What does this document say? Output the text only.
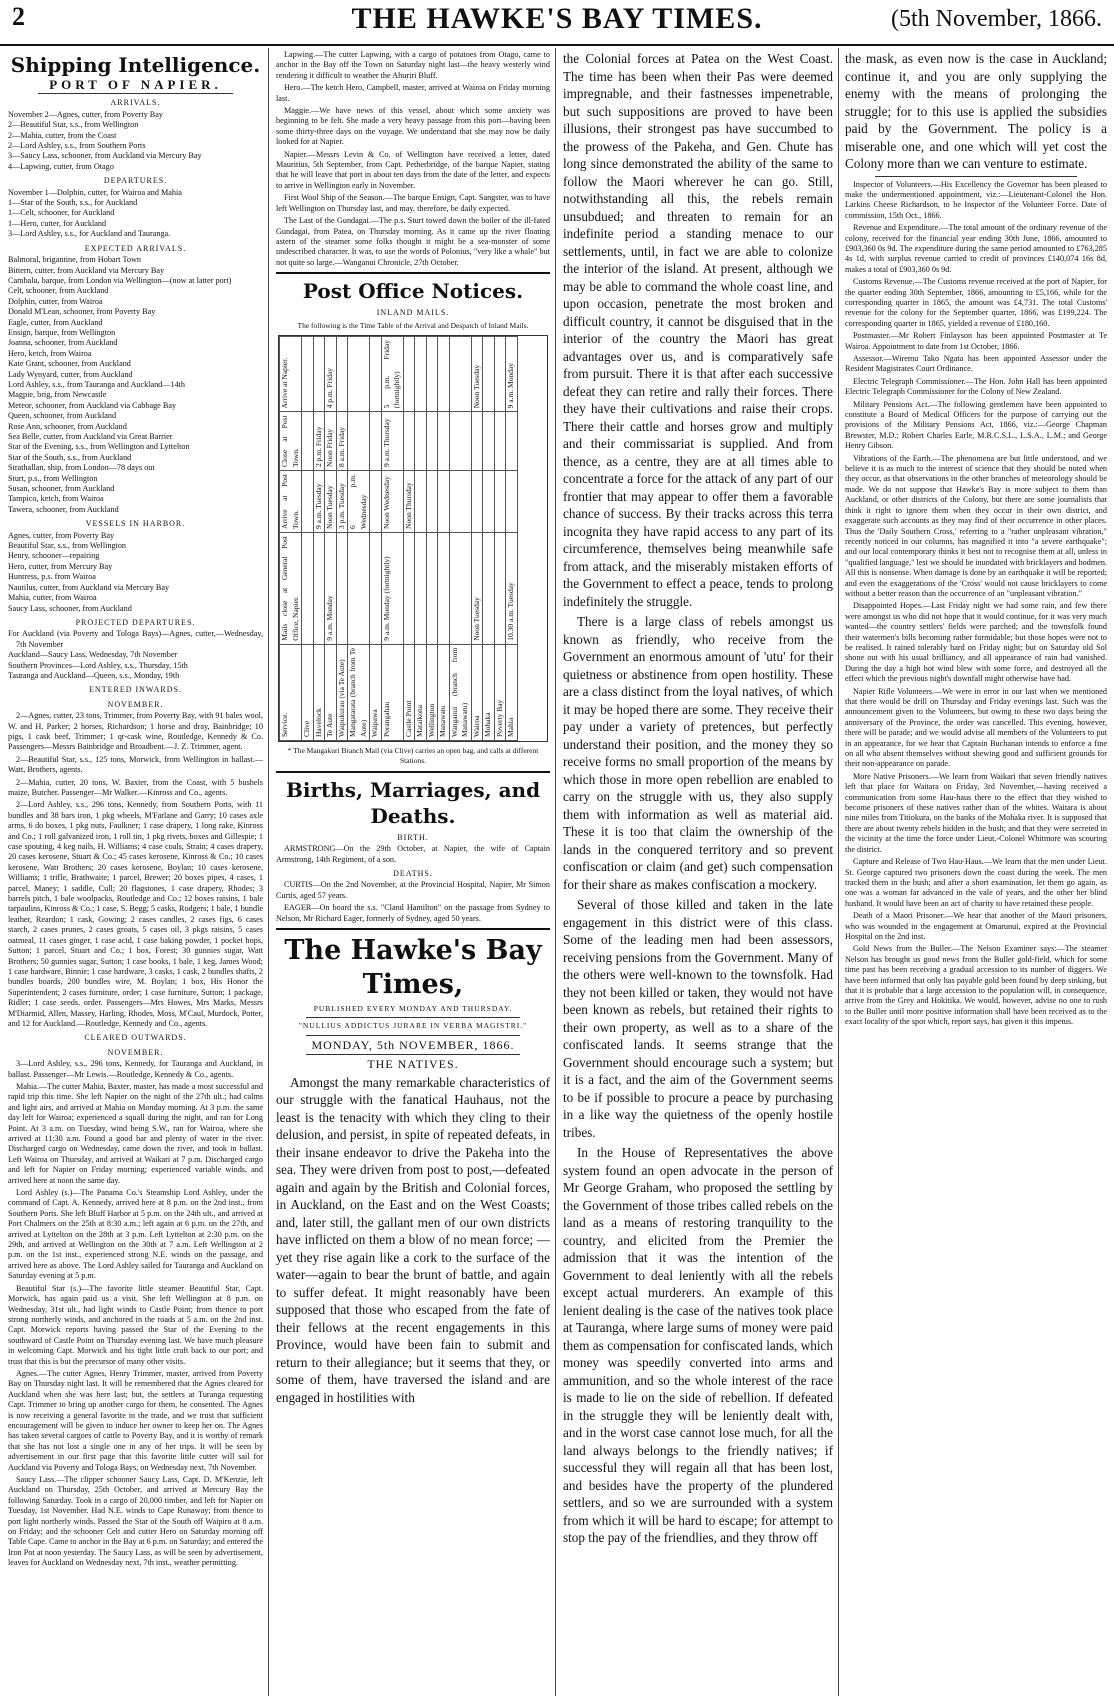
2	THE HAWKE'S BAY TIMES.	(5th November, 1866.
Shipping Intelligence.
PORT OF NAPIER.
ARRIVALS.
November 2—Agnes, cutter, from Poverty Bay
2—Beautiful Star, s.s., from Wellington
2—Mahia, cutter, from the Coast
2—Lord Ashley, s.s., from Southern Ports
3—Saucy Lass, schooner, from Auckland via Mercury Bay
4—Lapwing, cutter, from Otago
DEPARTURES.
November 1—Dolphin, cutter, for Wairoa and Mahia
1—Star of the South, s.s., for Auckland
1—Celt, schooner, for Auckland
1—Hero, cutter, for Auckland
3—Lord Ashley, s.s., for Auckland and Tauranga.
EXPECTED ARRIVALS.
Balmoral, brigantine, from Hobart Town
Bittern, cutter, from Auckland via Mercury Bay
Cambalu, barque, from London via Wellington—(now at latter port)
Celt, schooner, from Auckland
Dolphin, cutter, from Wairoa
Donald M'Lean, schooner, from Poverty Bay
Eagle, cutter, from Auckland
Ensign, barque, from Wellington
Joanna, schooner, from Auckland
Hero, ketch, from Wairoa
Kate Grant, schooner, from Auckland
Lady Wynyard, cutter, from Auckland
Lord Ashley, s.s., from Tauranga and Auckland—14th
Magpie, brig, from Newcastle
Meteor, schooner, from Auckland via Cabbage Bay
Queen, schooner, from Auckland
Rose Ann, schooner, from Auckland
Sea Belle, cutter, from Auckland via Great Barrier
Star of the Evening, s.s., from Wellington and Lyttelton
Star of the South, s.s., from Auckland
Strathallan, ship, from London—78 days out
Sturt, p.s., from Wellington
Susan, schooner, from Auckland
Tampico, ketch, from Wairoa
Tawera, schooner, from Auckland
VESSELS IN HARBOR.
Agnes, cutter, from Poverty Bay
Beautiful Star, s.s., from Wellington
Henry, schooner—repairing
Hero, cutter, from Mercury Bay
Huntress, p.s. from Wairoa
Nautilus, cutter, from Auckland via Mercury Bay
Mahia, cutter, from Wairoa
Saucy Lass, schooner, from Auckland
PROJECTED DEPARTURES.
For Auckland (via Poverty and Tologa Bays)—Agnes, cutter,—Wednesday, 7th November
Auckland—Saucy Lass, Wednesday, 7th November
Southern Provinces—Lord Ashley, s.s., Thursday, 15th
Tauranga and Auckland—Queen, s.s., Monday, 19th
ENTERED INWARDS.
NOVEMBER.

2—Agnes, cutter, 23 tons, Trimmer, from Poverty Bay, with 91 bales wool, W. and H. Parker; 2 horses, Richardson; 1 horse and dray, Bainbridge; 10 pigs, 1 cask beef, Trimmer; 1 qr-cask wine, Routledge, Kennedy & Co. Passengers—Messrs Bainbridge and Broadbent.—J. Z. Trimmer, agent.

2—Beautiful Star, s.s., 125 tons, Morwick, from Wellington in ballast.—Watt, Brothers, agents.

2—Mahia, cutter, 20 tons, W. Baxter, from the Coast, with 5 bushels maize, Butcher. Passenger—Mr Walker.—Kinross and Co., agents.

2—Lord Ashley, s.s., 296 tons, Kennedy, from Southern Ports, with 11 bundles and 38 bars iron, 1 pkg wheels, M'Farlane and Garry; 10 cases axle arms, 6 do boxes, 1 pkg nuts, Faulkner; 1 case drapery, 1 long rake, Kinross and Co.; 1 roll galvanized iron, 1 roll tin, 1 pkg rivets, boxes and Gillespie; 1 case spouting, 4 keg nails, H. Williams; 4 case coals, Strain; 4 cases drapery, 20 cases kerosene, Stuart & Co.; 45 cases kerosene, Kinross & Co.; 10 cases kerosene, Watt Brothers; 20 cases kerosene, Boylan; 10 cases kerosene, Williams; 1 trifle, Brathwaite; 1 parcel, Brewer; 20 boxes pipes, 4 cases, 1 parcel, Maney; 1 saddle, Cull; 20 flagstones, 1 case drapery, Rhodes; 3 barrels pitch, 1 bale woolpacks, Routledge and Co.; 12 boxes raisins, 1 bale tarpaulins, Kinross & Co.; 1 case, S. Begg; 5 casks, Rodgers; 1 bale, 1 bundle leather, Reardon; 1 cask, Gowing; 2 cases candles, 2 cases figs, 6 cases starch, 2 cases prunes, 2 cases groats, 5 cases oil, 3 pkgs raisins, 5 cases oatmeal, 11 cases ginger, 1 case acid, 1 case baking powder, 1 pocket hops, Sutton; 1 parcel, Stuart and Co.; 1 box, Forest; 30 gunnies sugar, Watt Brothers; 50 gunnies sugar, Sutton; 1 case books, 1 bale, 1 keg, James Wood; 1 case hardware, Binnie; 1 case hardware, 3 casks, 1 cask, 2 bundles shafts, 2 bundles boards, 200 bundles wire, M. Boylan; 1 box, His Honor the Superintendent; 2 cases furniture, order; 1 case furniture, Sutton; 1 package, Ridler; 1 case seeds, order. Passengers—Mrs Howes, Mrs Marks, Messrs M'Diarmid, Allen, Massey, Harling, Rhodes, Moss, M'Caul, Murdock, Potter, and 12 for Auckland.—Routledge, Kennedy and Co., agents.

CLEARED OUTWARDS.
NOVEMBER.

3—Lord Ashley, s.s., 296 tons, Kennedy, for Tauranga and Auckland, in ballast. Passenger—Mr Lewis.—Routledge, Kennedy & Co., agents.

Mahia.—The cutter Mahia, Baxter, master, has made a most successful and rapid trip this time. She left Napier on the night of the 27th ult.; had calms and light airs, and arrived at Mahia on Monday morning. At 3 p.m. the same day left for Wairoa; experienced a squall during the night, and ran for Long Point. At 3 a.m. on Tuesday, wind being S.W., ran for Wairoa, where she arrived at 11:30 a.m. Found a good bar and plenty of water in the river. Discharged cargo on Wednesday, came down the river, and took in ballast. Left Wairoa on Thursday, and arrived at Waikari at 7 p.m. Discharged cargo and left for Napier on Friday morning; experienced variable winds, and arrived here at noon the same day.

Lord Ashley (s.)—The Panama Co.'s Steamship Lord Ashley, under the command of Capt. A. Kennedy, arrived here at 8 p.m. on the 2nd inst., from Southern Ports. She left Bluff Harbor at 5 p.m. on the 24th ult., and arrived at Port Chalmers on the 25th at 8:30 a.m.; left again at 6 p.m. on the 27th, and arrived at Lyttelton on the 28th at 3 p.m. Left Lyttelton at 2:30 p.m. on the 29th, and arrived at Wellington on the 30th at 7 a.m. Left Wellington at 2 p.m. on the 1st inst., experienced strong N.E. winds on the passage, and arrived here as above. The Lord Ashley sailed for Tauranga and Auckland on Saturday evening at 5 p.m.

Beautiful Star (s.)—The favorite little steamer Beautiful Star, Capt. Morwick, has again paid us a visit. She left Wellington at 8 p.m. on Wednesday, 31st ult., had light winds to Castle Point; from thence to port strong northerly winds, and anchored in the roads at 5 a.m. on the 2nd inst. Capt. Morwick reports having passed the Star of the Evening to the southward of Castle Point on Thursday evening last. We have much pleasure in welcoming Capt. Morwick and his tight little craft back to our port; and trust that this is but the precursor of many other visits.

Agnes.—The cutter Agnes, Henry Trimmer, master, arrived from Poverty Bay on Thursday night last. It will be remembered that the Agnes cleared for Auckland when she was here last; but, the settlers at Turanga requesting Capt. Trimmer to bring up another cargo for them, he consented. The Agnes is now receiving a general favorite in the trade, and we trust that sufficient encouragement will be given to induce her owner to keep her on. The Agnes has taken several cargoes of cattle to Poverty Bay, and it is worthy of remark that she has not lost a single one in any of her trips. It will be seen by advertisement in our first page that this favorite little cutter will sail for Auckland via Poverty and Tologa Bays, on Wednesday next, 7th November.

Saucy Lass.—The clipper schooner Saucy Lass, Capt. D. M'Kenzie, left Auckland on Thursday, 25th October, and arrived at Mercury Bay the following Saturday. Took in a cargo of 20,000 timber, and left for Napier on Tuesday, 1st November. Had N.E. winds to Cape Runaway; from thence to port light northerly winds. Passed the Star of the South off Waipiro at 8 a.m. on Friday; and the schooner Celt and cutter Hero on Saturday morning off Table Cape. Came to anchor in the Bay at 6 p.m. on Saturday; and entered the Iron Pot at noon yesterday. The Saucy Lass, as will be seen by advertisement, leaves for Auckland on Wednesday next, 7th inst., weather permitting.

Lapwing.—The cutter Lapwing, with a cargo of potatoes from Otago, came to anchor in the Bay off the Town on Saturday night last—the heavy westerly wind rendering it difficult to weather the Ahuriri Bluff.

Hero.—The ketch Hero, Campbell, master, arrived at Wairoa on Friday morning last.

Maggie.—We have news of this vessel, about which some anxiety was beginning to be felt. She made a very heavy passage from this port—having been some thirty-three days on the voyage. We understand that she may now be daily looked for at Napier.

Napier.—Messrs Levin & Co. of Wellington have received a letter, dated Mauritius, 5th September, from Capt. Petherbridge, of the barque Napier, stating that he will leave that port in about ten days from the date of the letter, and expects to arrive in Wellington early in November.

First Wool Ship of the Season.—The barque Ensign, Capt. Sangster, was to have left Wellington on Thursday last, and may, therefore, be daily expected.

The Last of the Gundagai.—The p.s. Sturt towed down the boiler of the ill-fated Gundagai, from Patea, on Thursday morning. As it came up the river floating astern of the steamer some folks thought it might be a sea-monster of some undescribed character. It was, to use the words of Polonius, "very like a whale" but not quite so large.—Wanganui Chronicle, 27th October.

Post Office Notices.
INLAND MAILS.
The following is the Time Table of the Arrival and Despatch of Inland Mails.
Service.	Mails close at General Post Office, Napier.	Arrive at Post Town.	Close at Post Town.	Arrive at Napier.
Clive				
Havelock		9 a.m. Tuesday	2 p.m. Friday	
Te Aute	9 a.m. Monday	Noon Tuesday	Noon Friday	4 p.m. Friday
Waipukurau (via Te Aute)		3 p.m. Tuesday	8 a.m. Friday	
Mangatarata (branch from Te Aute)		6 p.m. Wednesday		
Waipawa				
Porangahau	9 a.m. Monday (fortnightly)	Noon Wednesday	9 a.m. Thursday	5 p.m. Friday (fortnightly)
Castle Point		Noon Thursday		
Mataikona				
Wellington				
Manawatu				
Wanganui (branch from Manawatu)				
Wairoa	Noon Tuesday			Noon Tuesday
Mohaka				
Poverty Bay				
Mahia	10.30 a.m. Tuesday			9 a.m. Monday
* The Mangakuri Branch Mail (via Clive) carries an open bag, and calls at different Stations.
Births, Marriages, and Deaths.
BIRTH.

ARMSTRONG—On the 29th October, at Napier, the wife of Captain Armstrong, 14th Regiment, of a son.

DEATHS.

CURTIS—On the 2nd November, at the Provincial Hospital, Napier, Mr Simon Curtis, aged 57 years.

EAGER—On board the s.s. "Cland Hamilton" on the passage from Sydney to Nelson, Mr Richard Eager, formerly of Sydney, aged 50 years.

The Hawke's Bay Times,
PUBLISHED EVERY MONDAY AND THURSDAY.
"NULLIUS ADDICTUS JURARE IN VERBA MAGISTRI."
MONDAY, 5th NOVEMBER, 1866.
THE NATIVES.

Amongst the many remarkable characteristics of our struggle with the fanatical Hauhaus, not the least is the tenacity with which they cling to their delusion, and persist, in spite of repeated defeats, in their insane endeavor to drive the Pakeha into the sea. They were driven from post to post,—defeated again and again by the British and Colonial forces, in Auckland, on the East and on the West Coasts; and, later still, the gallant men of our own districts have inflicted on them a blow of no mean force; —yet they rise again like a cork to the surface of the water—again to bear the brunt of battle, and again to suffer defeat. It might reasonably have been supposed that those who escaped from the fate of their fellows at the recent engagements in this Province, would have been fain to submit and return to their allegiance; but it seems that they, or some of them, have traversed the island and are engaged in hostilities with

the Colonial forces at Patea on the West Coast. The time has been when their Pas were deemed impregnable, and their fastnesses impenetrable, but such suppositions are proved to have been illusions, their strongest pas have succumbed to the prowess of the Pakeha, and Gen. Chute has long since demonstrated the ability of the same to follow the Maori wherever he can go. Still, notwithstanding all this, the rebels remain unsubdued; and threaten to remain for an indefinite period a standing menace to our settlements, until, in fact we are able to colonize the interior of the island. At present, although we may be able to command the whole coast line, and upon occasion, penetrate the most broken and difficult country, it cannot be disguised that in the interior of the country the Maori has great advantages over us, and is comparatively safe from pursuit. There it is that after each successive defeat they can retire and rally their forces. There they have their cultivations and raise their crops. There their cattle and horses grow and multiply and their commissariat is supplied. And from thence, as a centre, they are at all times able to concentrate a force for the attack of any part of our frontier that may appear to offer them a favorable chance of success. By their tracks across this terra incognita they have rapid access to any part of its circumference, themselves being meanwhile safe from attack, and the miserably mistaken efforts of the Government to effect a peace, tends to prolong indefinitely the struggle.

There is a large class of rebels amongst us known as friendly, who receive from the Government an enormous amount of 'utu' for their quietness or abstinence from open hostility. These are a class distinct from the loyal natives, of which it may be hoped there are some. They receive their pay under a variety of pretences, but perfectly understand their position, and the money they so receive forms no small proportion of the means by which those in more open rebellion are enabled to carry on the struggle with us, they also supply them with information as well as material aid. These it is too that claim the ownership of the lands in the conquered territory and so prevent confiscation or claim (and get) such compensation for their share as makes confiscation a mockery.

Several of those killed and taken in the late engagement in this district were of this class. Some of the leading men had been assessors, receiving pensions from the Government. Many of the others were well-known to the townsfolk. Had they not been killed or taken, they would not have been known as rebels, but retained their rights to their own property, as well as to a share of the confiscated lands. It seems strange that the Government should encourage such a system; but it is a fact, and the aim of the Government seems to be if possible to procure a peace by purchasing in a like way the quietness of the openly hostile tribes.

In the House of Representatives the above system found an open advocate in the person of Mr George Graham, who proposed the settling by the Government of those tribes called rebels on the land as a means of restoring tranquility to the country, and elicited from the Premier the admission that it was the intention of the Government to deal leniently with all the rebels except actual murderers. An example of this lenient dealing is the case of the natives took place at Tauranga, where large sums of money were paid them as compensation for confiscated lands, which money was speedily converted into arms and ammunition, and so the whole interest of the race is made to lie on the side of rebellion. If defeated in the struggle they will be leniently dealt with, and in the worst case cannot lose much, for all the land always belongs to the friendly natives; if successful they will regain all that has been lost, and besides have the property of the plundered settlers, and so we are surrounded with a system from which it will be hard to escape; for attempt to stop the pay of the friendlies, and they throw off

the mask, as even now is the case in Auckland; continue it, and you are only supplying the enemy with the means of prolonging the struggle; for to this use is applied the subsidies paid by the Government. The policy is a miserable one, and one which will yet cost the Colony more than we can venture to estimate.

Inspector of Volunteers.—His Excellency the Governor has been pleased to make the undermentioned appointment, viz.:—Lieutenant-Colonel the Hon. Larkins Cheese Richardson, to be Inspector of the Volunteer Force. Date of commission, 15th Oct., 1866.

Revenue and Expenditure.—The total amount of the ordinary revenue of the colony, received for the financial year ending 30th June, 1866, amounted to £903,360 0s 9d. The expenditure during the same period amounted to £763,285 4s 1d, with surplus revenue carried to credit of provinces £140,074 16s 8d, makes a total of £903,360 0s 9d.

Customs Revenue.—The Customs revenue received at the port of Napier, for the quarter ending 30th September, 1866, amounting to £5,166, while for the corresponding quarter in 1865, the amount was £4,731. The total Customs' revenue for the colony for the September quarter, 1866, was £199,224. The corresponding quarter in 1865, yielded a revenue of £180,160.

Postmaster.—Mr Robert Finlayson has been appointed Postmaster at Te Wairoa. Appointment to date from 1st October, 1866.

Assessor.—Wiremu Tako Ngata has been appointed Assessor under the Resident Magistrates Court Ordinance.

Electric Telegraph Commissioner.—The Hon. John Hall has been appointed Electric Telegraph Commissioner for the Colony of New Zealand.

Military Pensions Act.—The following gentlemen have been appointed to constitute a Board of Medical Officers for the purpose of carrying out the provisions of the Military Pensions Act, 1866, viz.:—George Chapman Brewster, M.D.; Robert Charles Earle, M.R.C.S.L., L.S.A., L.M.; and George Henry Gibson.

Vibrations of the Earth.—The phenomena are but little understood, and we believe it is as much to the interest of science that they should be noted when they occur, as that observations in the other branches of meteorology should be made. We do not suppose that Hawke's Bay is more subject to them than Auckland, or other districts of the Colony, but there are some journalists that think it right to ignore them when they occur in their own district, and exaggerate such accounts as they may find of their occurrence in other places. Thus the 'Daily Southern Cross,' referring to a "rather unpleasant vibration," recently noticed in our columns, has magnified it into "a severe earthquake"; and our local contemporary thinks it best not to recognise them at all, unless in "qualified language," lest we should be inundated with bricklayers and hodmen. All this is nonsense. When damage is done by an earthquake it will be reported; and even the exaggerations of the 'Cross' would not cause bricklayers to come without a better reason than the occurrence of an "unpleasant vibration."

Disappointed Hopes.—Last Friday night we had some rain, and few there were amongst us who did not hope that it would continue, for it was very much wanted—the country settlers' fields were parched; and the townsfolk found their watermen's bills becoming rather formidable; but those hopes were not to be realised. It rained tolerably hard on Friday night; but on Saturday old Sol shone out with his usual brilliancy, and all appearance of rain had vanished. During the day a high hot wind blew with some force, and destroyed all the effect which the previous night's downfall might otherwise have had.

Napier Rifle Volunteers.—We were in error in our last when we mentioned that there would be drill on Thursday and Friday evenings last. Such was the announcement given to the Volunteers, but owing to these two days being the anniversary of the Province, the order was cancelled. This evening, however, there will be parade; and we would advise all members of the Volunteers to put in an appearance, for we hear that Captain Buchanan intends to enforce a fine on all who absent themselves without shewing good and sufficient grounds for their non-appearance on parade.

More Native Prisoners.—We learn from Waikari that seven friendly natives left that place for Waitara on Friday, 3rd November,—having received a communication from some Hau-haus there to the effect that they wished to become prisoners of these natives rather than of the whites. Waitara is about nine miles from Titiokura, on the banks of the Mohaka river. It is supposed that there are about twenty rebels hidden in the bush; and that they were secreted in the vicinity at the time the force under Lieut.-Colonel Whitmore was scouring the district.

Capture and Release of Two Hau-Haus.—We learn that the men under Lieut. St. George captured two prisoners down the coast during the week. The men tracked them in the bush; and after a short examination, let them go again, as one was a woman far advanced in the vale of years, and the other her blind husband. It would have been an act of charity to have retained these people.

Death of a Maori Prisoner.—We hear that another of the Maori prisoners, who was wounded in the engagement at Omarunui, expired at the Provincial Hospital on the 2nd inst.

Gold News from the Buller.—The Nelson Examiner says:—The steamer Nelson has brought us good news from the Buller gold-field, which for some time past has been receiving a gradual accession to its number of diggers. We have been informed that only has payable gold been found by deep sinking, but that it is probable that a large accession to the population will, in consequence, arrive from the Grey and Hokitika. We would, however, advise no one to rush to the Buller until more positive information shall have been received as to the exact locality of the spot which, report says, has given it this impetus.
